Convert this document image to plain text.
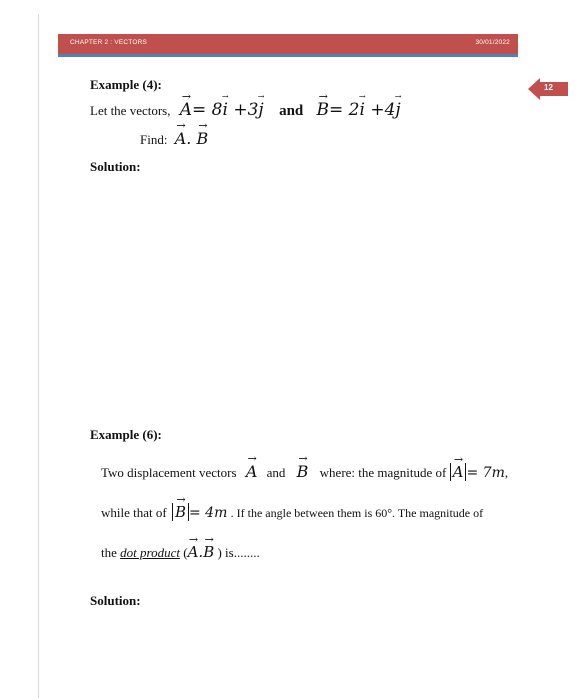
CHAPTER 2 : VECTORS	30/01/2022
12
Example (4):
Let the vectors, → A= 8→ i +3→ j and → B= 2→ i +4→ j
Find: → A. → B
Solution:
Example (6):
Two displacement vectors → A and → B where: the magnitude of → A = 7m,
while that of → B = 4m . If the angle between them is 60°. The magnitude of
the dot product (→ A.→ B ) is........
Solution:
